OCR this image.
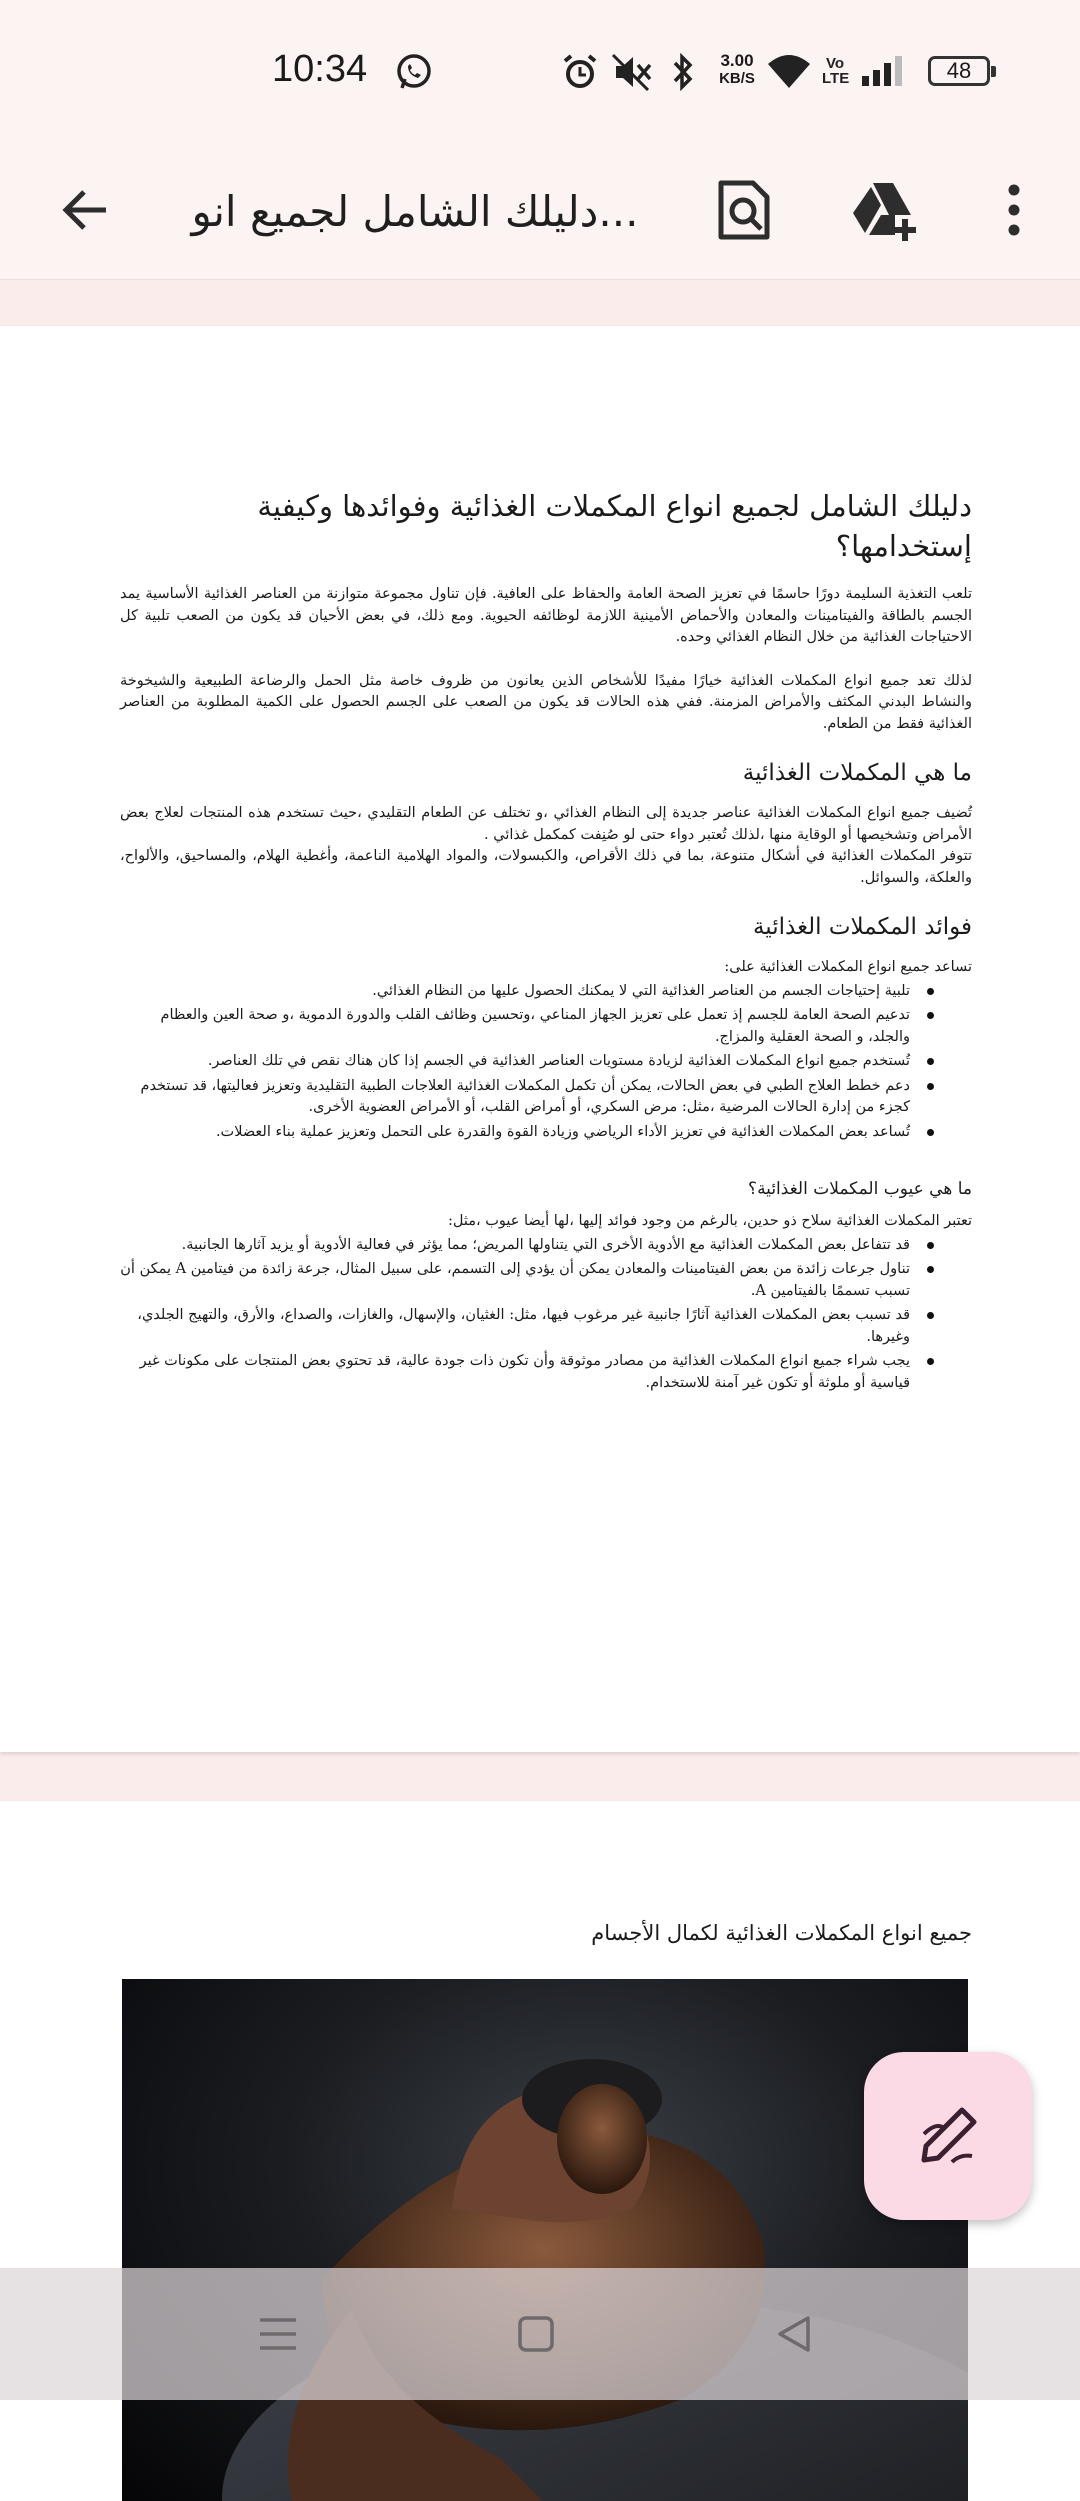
10:34	3.00
KB/S
Vo LTE	48
دليلك الشامل لجميع انو...
دليلك الشامل لجميع انواع المكملات الغذائية وفوائدها وكيفية إستخدامها؟
تلعب التغذية السليمة دورًا حاسمًا في تعزيز الصحة العامة والحفاظ على العافية. فإن تناول مجموعة متوازنة من العناصر الغذائية الأساسية يمد الجسم بالطاقة والفيتامينات والمعادن والأحماض الأمينية اللازمة لوظائفه الحيوية. ومع ذلك، في بعض الأحيان قد يكون من الصعب تلبية كل الاحتياجات الغذائية من خلال النظام الغذائي وحده.
لذلك تعد جميع انواع المكملات الغذائية خيارًا مفيدًا للأشخاص الذين يعانون من ظروف خاصة مثل الحمل والرضاعة الطبيعية والشيخوخة والنشاط البدني المكثف والأمراض المزمنة. ففي هذه الحالات قد يكون من الصعب على الجسم الحصول على الكمية المطلوبة من العناصر الغذائية فقط من الطعام.
ما هي المكملات الغذائية
تُضيف جميع انواع المكملات الغذائية عناصر جديدة إلى النظام الغذائي ،و تختلف عن الطعام التقليدي ،حيث تستخدم هذه المنتجات لعلاج بعض الأمراض وتشخيصها أو الوقاية منها ،لذلك تُعتبر دواء حتى لو صُنِفت كمكمل غذائي .
تتوفر المكملات الغذائية في أشكال متنوعة، بما في ذلك الأقراص، والكبسولات، والمواد الهلامية الناعمة، وأغطية الهلام، والمساحيق، والألواح، والعلكة، والسوائل.
فوائد المكملات الغذائية
تساعد جميع انواع المكملات الغذائية على:
تلبية إحتياجات الجسم من العناصر الغذائية التي لا يمكنك الحصول عليها من النظام الغذائي.
تدعيم الصحة العامة للجسم إذ تعمل على تعزيز الجهاز المناعي ،وتحسين وظائف القلب والدورة الدموية ،و صحة العين والعظام والجلد، و الصحة العقلية والمزاج.
تُستخدم جميع انواع المكملات الغذائية لزيادة مستويات العناصر الغذائية في الجسم إذا كان هناك نقص في تلك العناصر.
دعم خطط العلاج الطبي في بعض الحالات، يمكن أن تكمل المكملات الغذائية العلاجات الطبية التقليدية وتعزيز فعاليتها، قد تستخدم كجزء من إدارة الحالات المرضية ،مثل: مرض السكري، أو أمراض القلب، أو الأمراض العضوية الأخرى.
تُساعد بعض المكملات الغذائية في تعزيز الأداء الرياضي وزيادة القوة والقدرة على التحمل وتعزيز عملية بناء العضلات.
ما هي عيوب المكملات الغذائية؟
تعتبر المكملات الغذائية سلاح ذو حدين، بالرغم من وجود فوائد إليها ،لها أيضا عيوب ،مثل:
قد تتفاعل بعض المكملات الغذائية مع الأدوية الأخرى التي يتناولها المريض؛ مما يؤثر في فعالية الأدوية أو يزيد آثارها الجانبية.
تناول جرعات زائدة من بعض الفيتامينات والمعادن يمكن أن يؤدي إلى التسمم، على سبيل المثال، جرعة زائدة من فيتامين A يمكن أن تسبب تسممًا بالفيتامين A.
قد تسبب بعض المكملات الغذائية آثارًا جانبية غير مرغوب فيها، مثل: الغثيان، والإسهال، والغازات، والصداع، والأرق، والتهيج الجلدي، وغيرها.
يجب شراء جميع انواع المكملات الغذائية من مصادر موثوقة وأن تكون ذات جودة عالية، قد تحتوي بعض المنتجات على مكونات غير قياسية أو ملوثة أو تكون غير آمنة للاستخدام.
جميع انواع المكملات الغذائية لكمال الأجسام
